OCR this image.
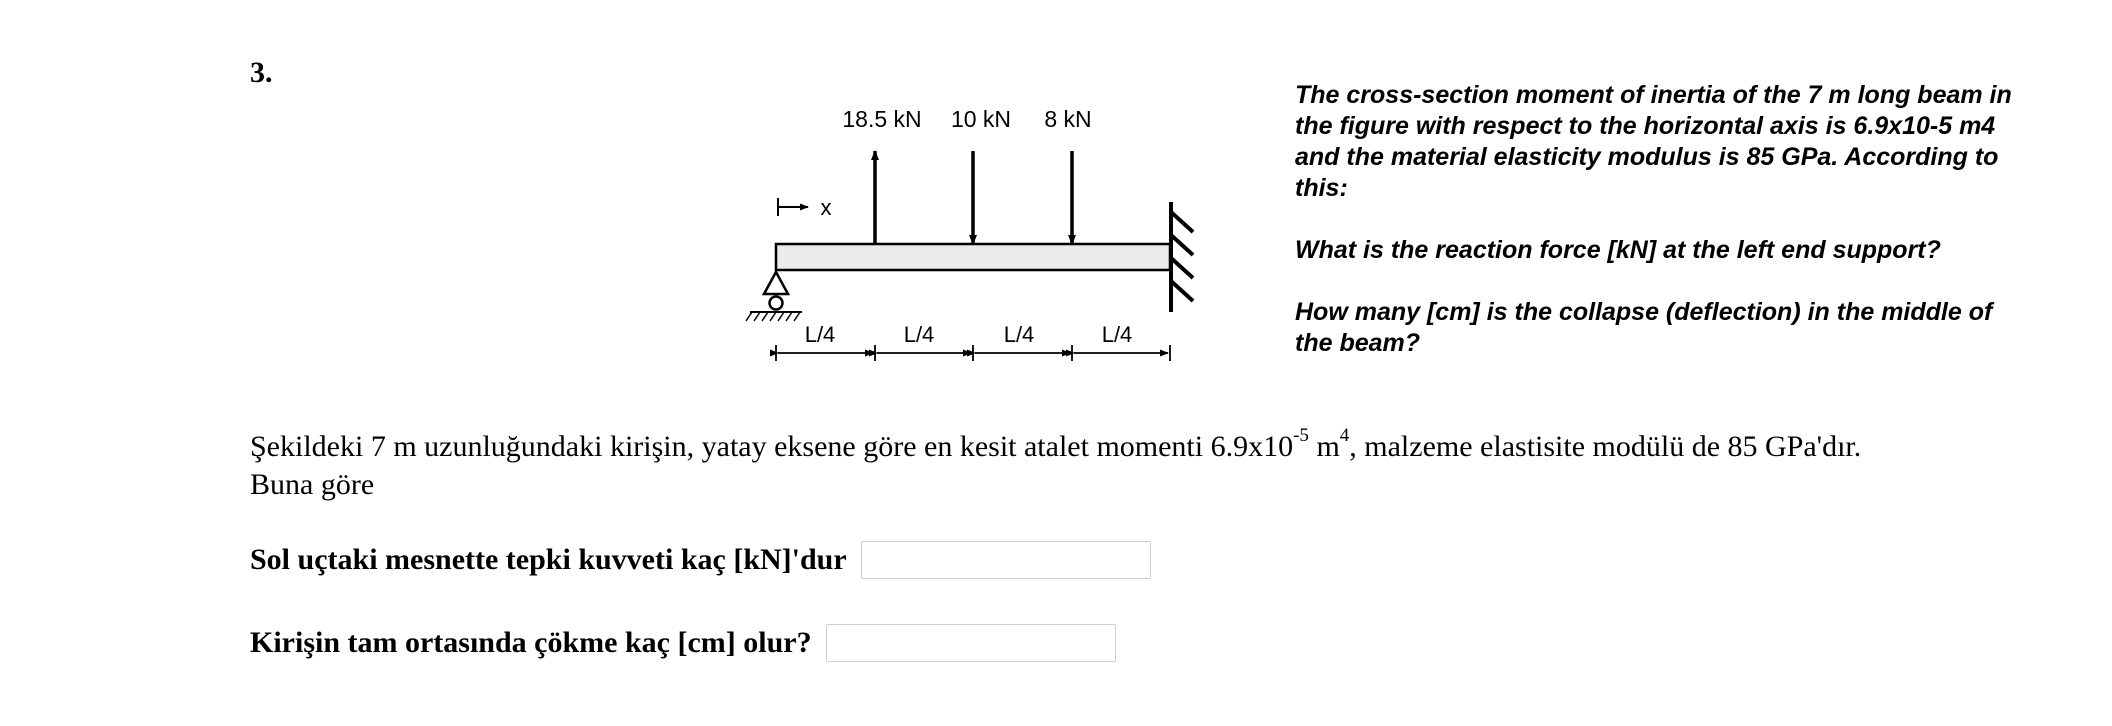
3.
x
18.5 kN 10 kN 8 kN
L/4	L/4	L/4	L/4

The cross-section moment of inertia of the 7 m long beam in the figure with respect to the horizontal axis is 6.9x10-5 m4 and the material elasticity modulus is 85 GPa. According to this:

What is the reaction force [kN] at the left end support?

How many [cm] is the collapse (deflection) in the middle of the beam?

Şekildeki 7 m uzunluğundaki kirişin, yatay eksene göre en kesit atalet momenti $6.9x10^{-5}$ $m^4$, malzeme elastisite modülü de 85 GPa'dır. Buna göre
Sol uçtaki mesnette tepki kuvveti kaç [kN]'dur
Kirişin tam ortasında çökme kaç [cm] olur?
